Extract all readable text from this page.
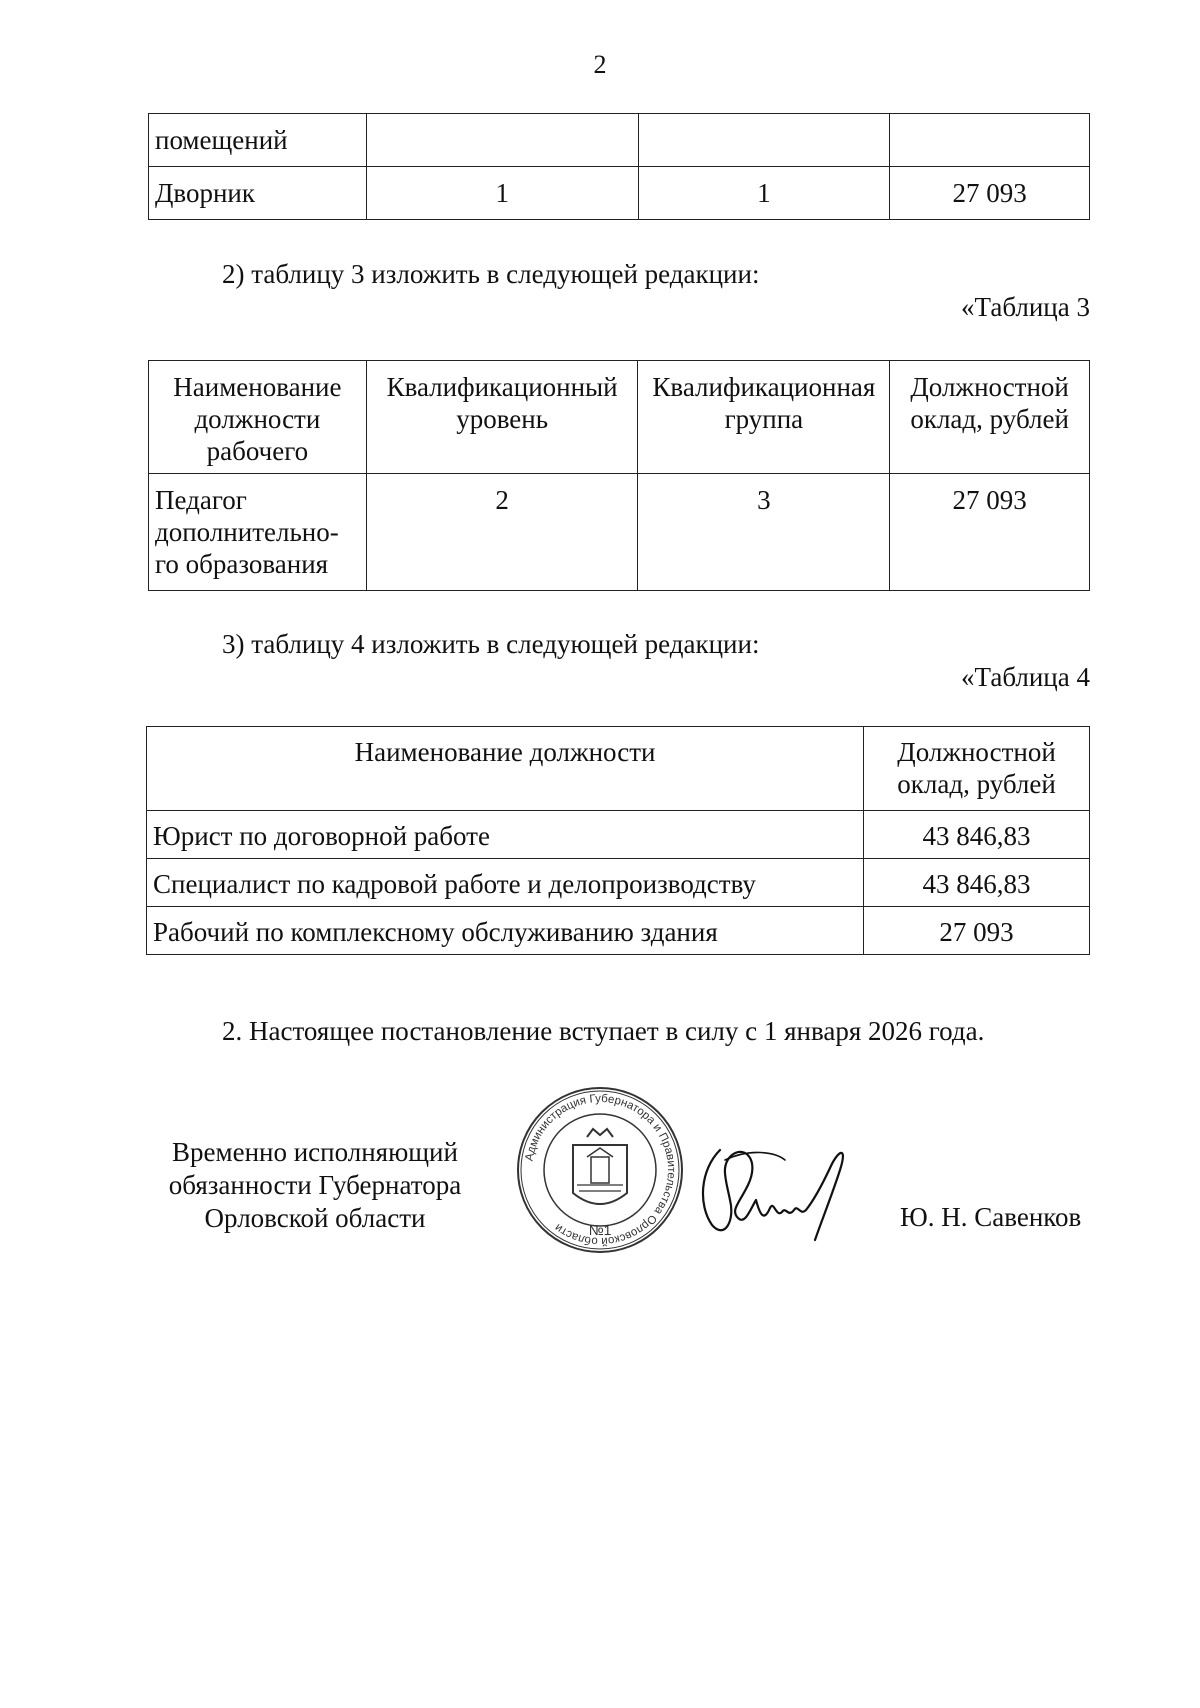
2
помещений			
Дворник	1	1	27 093
2) таблицу 3 изложить в следующей редакции:
«Таблица 3
Наименование должности рабочего	Квалификационный уровень	Квалификационная группа	Должностной оклад, рублей
Педагог дополнительно-го образования	2	3	27 093
3) таблицу 4 изложить в следующей редакции:
«Таблица 4
Наименование должности	Должностной оклад, рублей
Юрист по договорной работе	43 846,83
Специалист по кадровой работе и делопроизводству	43 846,83
Рабочий по комплексному обслуживанию здания	27 093
2. Настоящее постановление вступает в силу с 1 января 2026 года.
Временно исполняющий
обязанности Губернатора
Орловской области
Администрация Губернатора и Правительства Орловской области	№1	Ю. Н. Савенков
